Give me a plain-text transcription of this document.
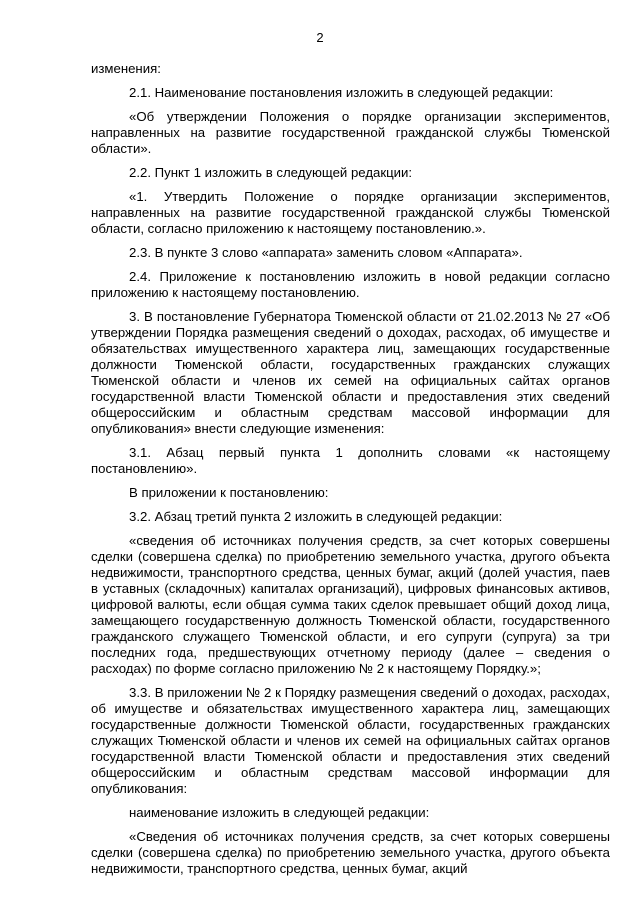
2

изменения:

2.1. Наименование постановления изложить в следующей редакции:

«Об утверждении Положения о порядке организации экспериментов, направленных на развитие государственной гражданской службы Тюменской области».

2.2. Пункт 1 изложить в следующей редакции:

«1. Утвердить Положение о порядке организации экспериментов, направленных на развитие государственной гражданской службы Тюменской области, согласно приложению к настоящему постановлению.».

2.3. В пункте 3 слово «аппарата» заменить словом «Аппарата».

2.4. Приложение к постановлению изложить в новой редакции согласно приложению к настоящему постановлению.

3. В постановление Губернатора Тюменской области от 21.02.2013 № 27 «Об утверждении Порядка размещения сведений о доходах, расходах, об имуществе и обязательствах имущественного характера лиц, замещающих государственные должности Тюменской области, государственных гражданских служащих Тюменской области и членов их семей на официальных сайтах органов государственной власти Тюменской области и предоставления этих сведений общероссийским и областным средствам массовой информации для опубликования» внести следующие изменения:

3.1. Абзац первый пункта 1 дополнить словами «к настоящему постановлению».

В приложении к постановлению:

3.2. Абзац третий пункта 2 изложить в следующей редакции:

«сведения об источниках получения средств, за счет которых совершены сделки (совершена сделка) по приобретению земельного участка, другого объекта недвижимости, транспортного средства, ценных бумаг, акций (долей участия, паев в уставных (складочных) капиталах организаций), цифровых финансовых активов, цифровой валюты, если общая сумма таких сделок превышает общий доход лица, замещающего государственную должность Тюменской области, государственного гражданского служащего Тюменской области, и его супруги (супруга) за три последних года, предшествующих отчетному периоду (далее – сведения о расходах) по форме согласно приложению № 2 к настоящему Порядку.»;

3.3. В приложении № 2 к Порядку размещения сведений о доходах, расходах, об имуществе и обязательствах имущественного характера лиц, замещающих государственные должности Тюменской области, государственных гражданских служащих Тюменской области и членов их семей на официальных сайтах органов государственной власти Тюменской области и предоставления этих сведений общероссийским и областным средствам массовой информации для опубликования:

наименование изложить в следующей редакции:

«Сведения об источниках получения средств, за счет которых совершены сделки (совершена сделка) по приобретению земельного участка, другого объекта недвижимости, транспортного средства, ценных бумаг, акций
